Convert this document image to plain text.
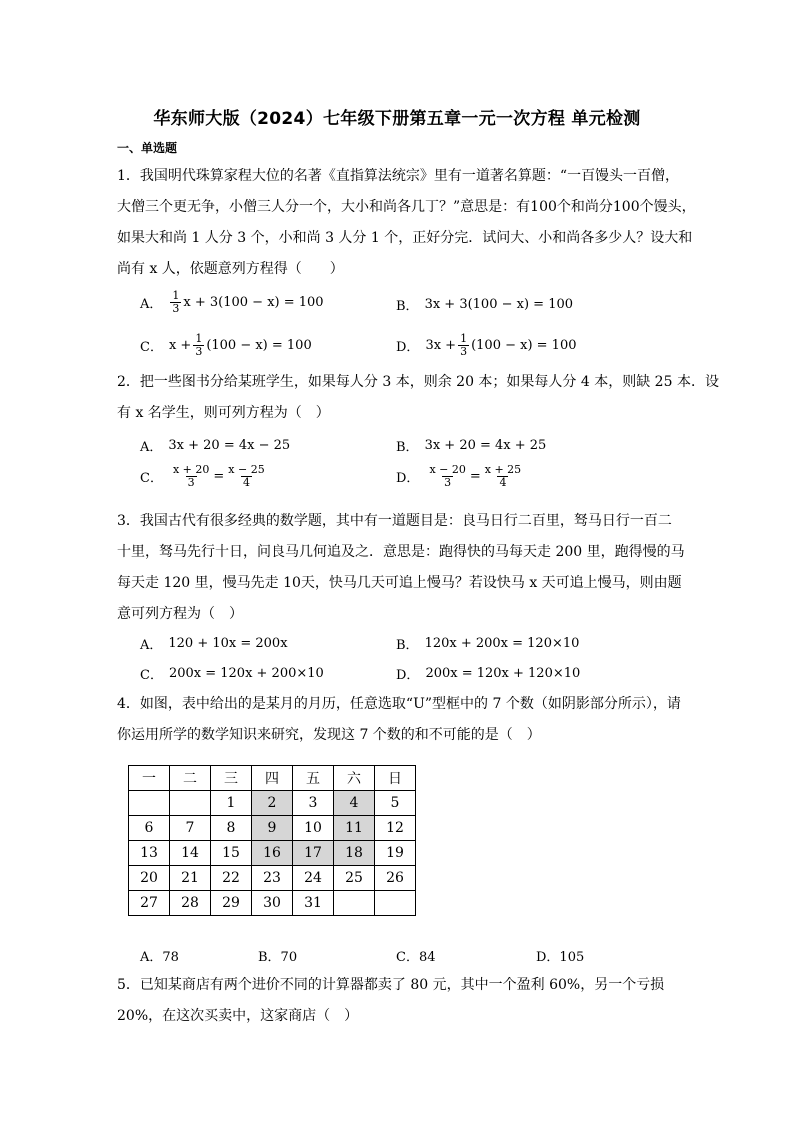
华东师大版（2024）七年级下册第五章一元一次方程 单元检测
一、单选题

1．我国明代珠算家程大位的名著《直指算法统宗》里有一道著名算题：“一百馒头一百僧，

大僧三个更无争，小僧三人分一个，大小和尚各几丁？”意思是：有100个和尚分100个馒头，

如果大和尚 1 人分 3 个，小和尚 3 人分 1 个，正好分完．试问大、小和尚各多少人？设大和

尚有 x 人，依题意列方程得（　　）

A． $\frac{1}{3}$ x + 3(100 − x) = 100	B． 3x + 3(100 − x) = 100
C． $x + \frac{1}{3} (100 - x) = 100$	D． $3x + \frac{1}{3} (100 - x) = 100$

2．把一些图书分给某班学生，如果每人分 3 本，则余 20 本；如果每人分 4 本，则缺 25 本．设

有 x 名学生，则可列方程为（　）

A． 3x + 20 = 4x − 25	B． 3x + 20 = 4x + 25
C． $\frac{x + 20}{3} = \frac{x - 25}{4}$	D． $\frac{x - 20}{3} = \frac{x + 25}{4}$

3．我国古代有很多经典的数学题，其中有一道题目是：良马日行二百里，驽马日行一百二

十里，驽马先行十日，问良马几何追及之．意思是：跑得快的马每天走 200 里，跑得慢的马

每天走 120 里，慢马先走 10天，快马几天可追上慢马？若设快马 x 天可追上慢马，则由题

意可列方程为（　）

A． 120 + 10x = 200x	B． 120x + 200x = 120×10
C． 200x = 120x + 200×10	D． 200x = 120x + 120×10

4．如图，表中给出的是某月的月历，任意选取“U”型框中的 7 个数（如阴影部分所示），请

你运用所学的数学知识来研究，发现这 7 个数的和不可能的是（　）

一	二	三	四	五	六	日
		1	2	3	4	5
6	7	8	9	10	11	12
13	14	15	16	17	18	19
20	21	22	23	24	25	26
27	28	29	30	31		
A．78	B．70	C．84	D．105

5．已知某商店有两个进价不同的计算器都卖了 80 元，其中一个盈利 60%，另一个亏损

20%，在这次买卖中，这家商店（　）
